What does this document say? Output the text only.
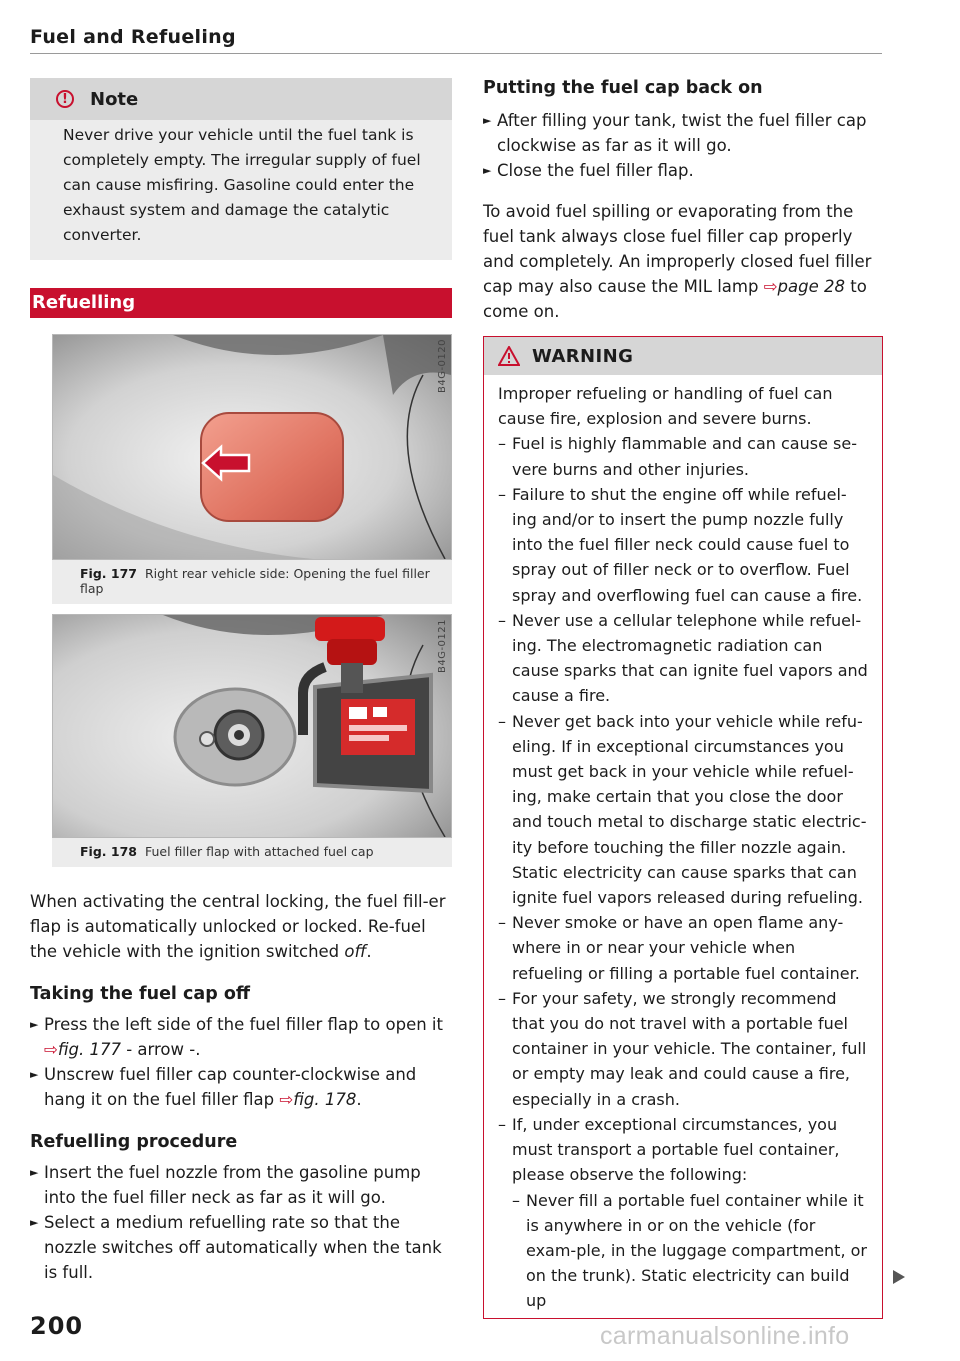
Fuel and Refueling
!	Note
Never drive your vehicle until the fuel tank is completely empty. The irregular supply of fuel can cause misfiring. Gasoline could enter the exhaust system and damage the catalytic converter.
Refuelling
B4G-0120
Fig. 177 Right rear vehicle side: Opening the fuel filler flap
B4G-0121
Fig. 178 Fuel filler flap with attached fuel cap
When activating the central locking, the fuel fill-er flap is automatically unlocked or locked. Re-fuel the vehicle with the ignition switched off.
Taking the fuel cap off
► Press the left side of the fuel filler flap to open it ⇨fig. 177 - arrow -.
► Unscrew fuel filler cap counter-clockwise and hang it on the fuel filler flap ⇨fig. 178.
Refuelling procedure
► Insert the fuel nozzle from the gasoline pump into the fuel filler neck as far as it will go.
► Select a medium refuelling rate so that the nozzle switches off automatically when the tank is full.
200
Putting the fuel cap back on
► After filling your tank, twist the fuel filler cap clockwise as far as it will go.
► Close the fuel filler flap.
To avoid fuel spilling or evaporating from the fuel tank always close fuel filler cap properly and completely. An improperly closed fuel filler cap may also cause the MIL lamp ⇨page 28 to come on.
WARNING
Improper refueling or handling of fuel can cause fire, explosion and severe burns.
– Fuel is highly flammable and can cause se-vere burns and other injuries.
– Failure to shut the engine off while refuel-ing and/or to insert the pump nozzle fully into the fuel filler neck could cause fuel to spray out of filler neck or to overflow. Fuel spray and overflowing fuel can cause a fire.
– Never use a cellular telephone while refuel-ing. The electromagnetic radiation can cause sparks that can ignite fuel vapors and cause a fire.
– Never get back into your vehicle while refu-eling. If in exceptional circumstances you must get back in your vehicle while refuel-ing, make certain that you close the door and touch metal to discharge static electric-ity before touching the filler nozzle again. Static electricity can cause sparks that can ignite fuel vapors released during refueling.
– Never smoke or have an open flame any-where in or near your vehicle when refueling or filling a portable fuel container.
– For your safety, we strongly recommend that you do not travel with a portable fuel container in your vehicle. The container, full or empty may leak and could cause a fire, especially in a crash.
– If, under exceptional circumstances, you must transport a portable fuel container, please observe the following:
– Never fill a portable fuel container while it is anywhere in or on the vehicle (for exam-ple, in the luggage compartment, or on the trunk). Static electricity can build up
carmanualsonline.info
